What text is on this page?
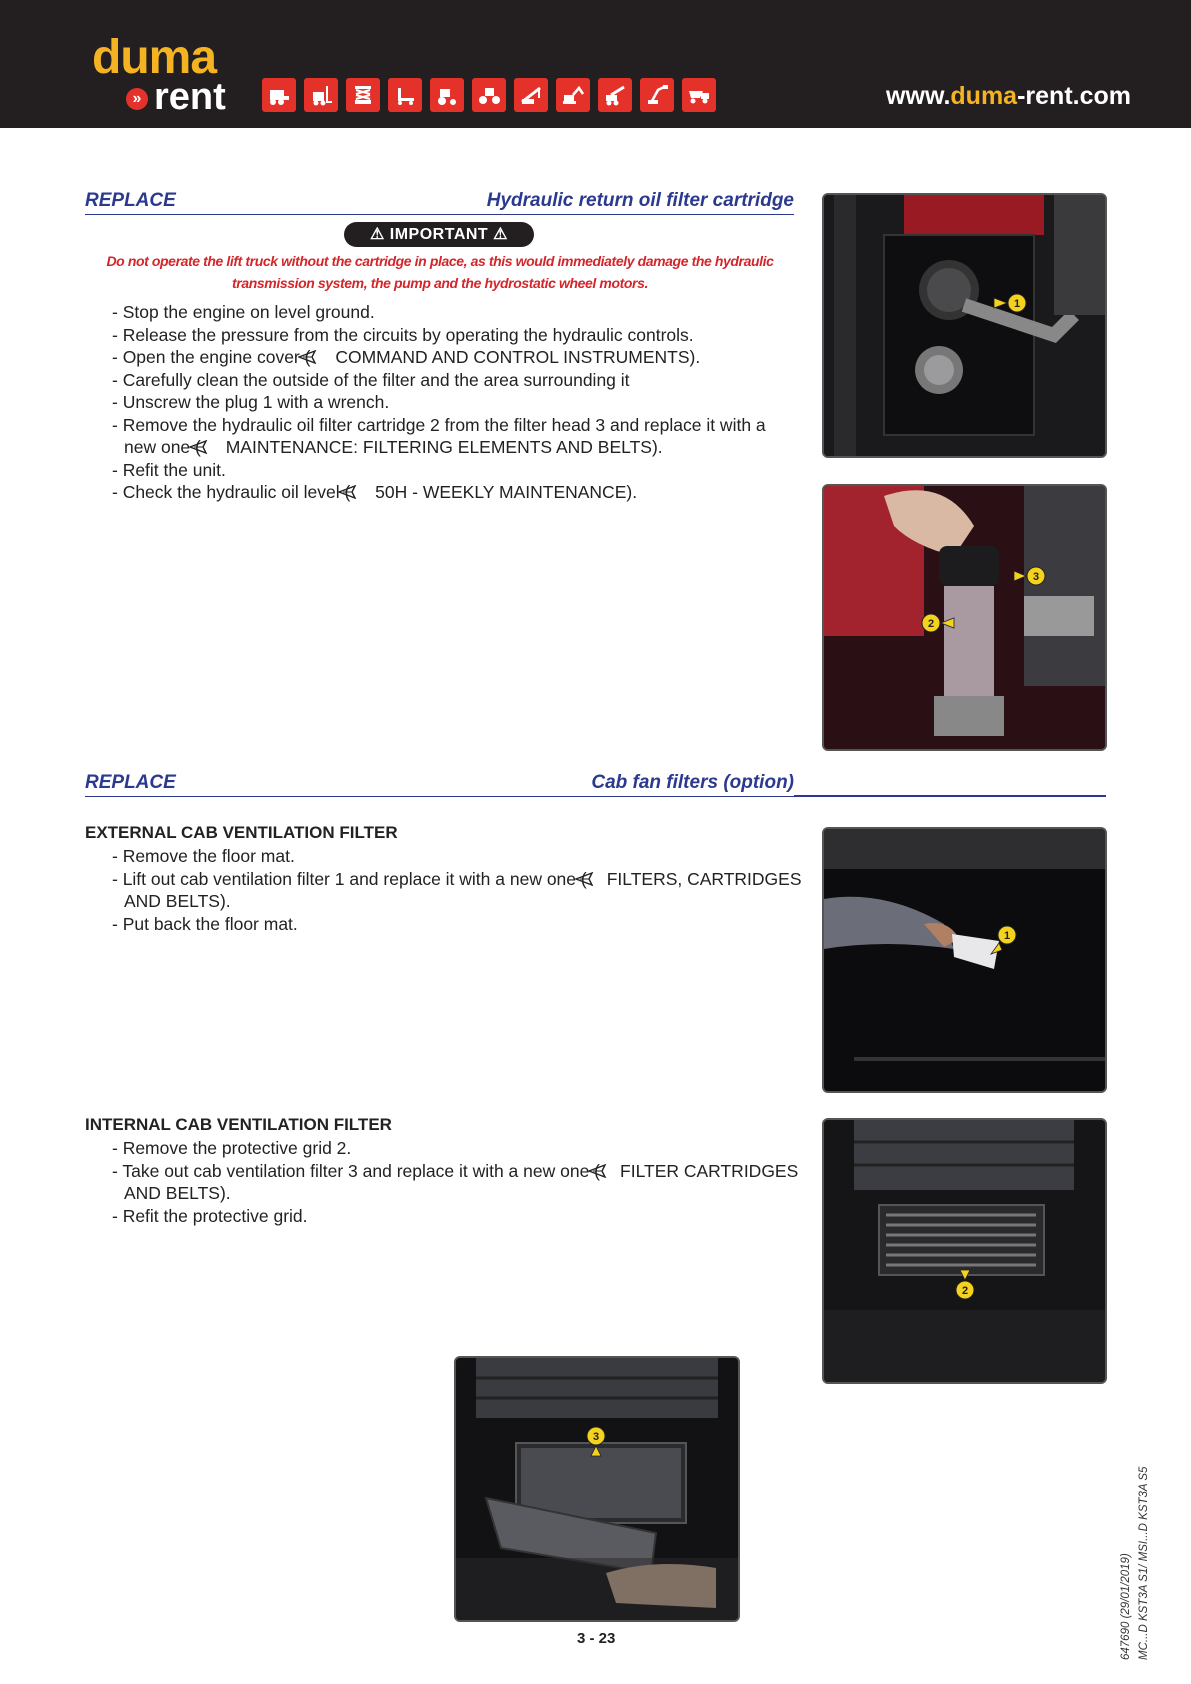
duma
» rent	www.duma-rent.com
REPLACE	Hydraulic return oil filter cartridge
⚠ IMPORTANT ⚠
Do not operate the lift truck without the cartridge in place, as this would immediately damage the hydraulic
transmission system, the pump and the hydrostatic wheel motors.
- Stop the engine on level ground.
- Release the pressure from the circuits by operating the hydraulic controls.
- Open the engine cover ( COMMAND AND CONTROL INSTRUMENTS).
- Carefully clean the outside of the filter and the area surrounding it
- Unscrew the plug 1 with a wrench.
- Remove the hydraulic oil filter cartridge 2 from the filter head 3 and replace it with a new one ( MAINTENANCE: FILTERING ELEMENTS AND BELTS).
- Refit the unit.
- Check the hydraulic oil level ( 50H - WEEKLY MAINTENANCE).
1
3
2
REPLACE	Cab fan filters (option)
EXTERNAL CAB VENTILATION FILTER
- Remove the floor mat.
- Lift out cab ventilation filter 1 and replace it with a new one ( FILTERS, CARTRIDGES AND BELTS).
- Put back the floor mat.
1
INTERNAL CAB VENTILATION FILTER
- Remove the protective grid 2.
- Take out cab ventilation filter 3 and replace it with a new one ( FILTER CARTRIDGES AND BELTS).
- Refit the protective grid.
2
3
3 - 23	647690 (29/01/2019) MC...D KST3A S1/ MSI...D KST3A S5
